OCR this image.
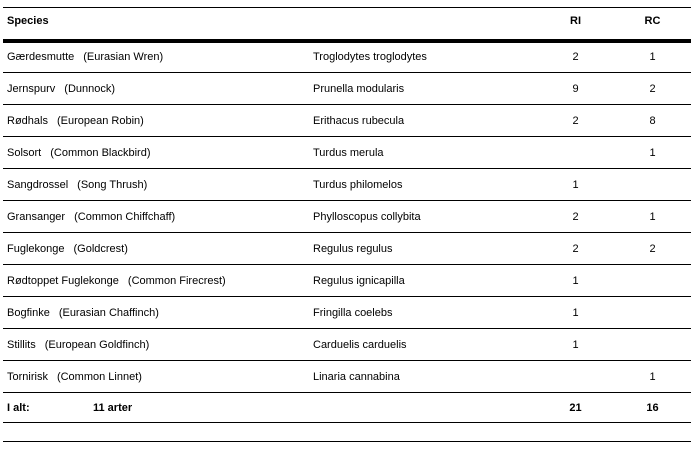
Species		RI	RC
Gærdesmutte (Eurasian Wren)	Troglodytes troglodytes	2	1
Jernspurv (Dunnock)	Prunella modularis	9	2
Rødhals (European Robin)	Erithacus rubecula	2	8
Solsort (Common Blackbird)	Turdus merula		1
Sangdrossel (Song Thrush)	Turdus philomelos	1	
Gransanger (Common Chiffchaff)	Phylloscopus collybita	2	1
Fuglekonge (Goldcrest)	Regulus regulus	2	2
Rødtoppet Fuglekonge (Common Firecrest)	Regulus ignicapilla	1	
Bogfinke (Eurasian Chaffinch)	Fringilla coelebs	1	
Stillits (European Goldfinch)	Carduelis carduelis	1	
Tornirisk (Common Linnet)	Linaria cannabina		1
I alt: 11 arter		21	16
